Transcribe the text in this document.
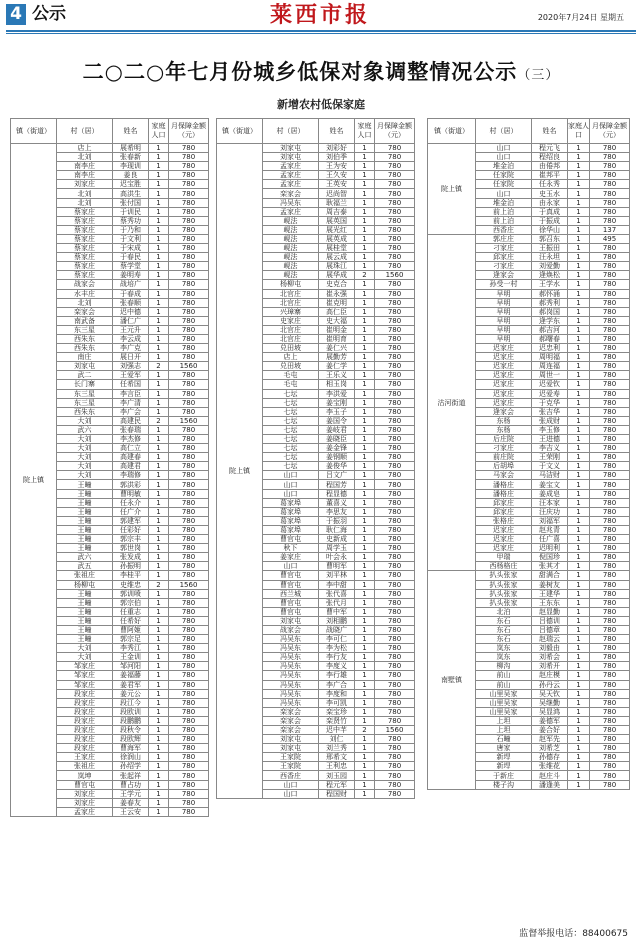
4 公示	莱西市报	2020年7月24日 星期五
二○二○年七月份城乡低保对象调整情况公示（三）
新增农村低保家庭
镇（街道）	村（居）	姓名	家庭人口	月保障金额（元）
院上镇	店上	展希明	1	780
	北刘	张春新	1	780
	南李庄	李现训	1	780
	南李庄	姜良	1	780
	刘家庄	迟宝胜	1	780
	北刘	高洪生	1	780
	北刘	张付国	1	780
	蔡家庄	于训民	1	780
	蔡家庄	蔡秀功	1	780
	蔡家庄	于乃和	1	780
	蔡家庄	于文利	1	780
	蔡家庄	于宋成	1	780
	蔡家庄	于春民	1	780
	蔡家庄	蔡学堂	1	780
	蔡家庄	姜明寿	1	780
	战家会	战培广	1	780
	水丰庄	于春成	1	780
	北刘	张春顺	1	780
	栾家会	迟中德	1	780
	南武备	潘仁广	1	780
	东三星	王元升	1	780
	西朱东	李云成	1	780
	西朱东	李广克	1	780
	南庄	展日开	1	780
	刘家屯	刘强志	2	1560
	武二	王爱军	1	780
	长门寨	任希国	1	780
	东三星	李言臣	1	780
	东三星	李广清	1	780
	西朱东	李广会	1	780
	大刘	高建民	2	1560
	武六	张春瑞	1	780
	大刘	李杰修	1	780
	大刘	高仁立	1	780
	大刘	高建春	1	780
	大刘	高建君	1	780
	大刘	李瑞修	1	780
	王疃	郭洪彩	1	780
	王疃	曹明敏	1	780
	王疃	任永介	1	780
	王疃	任广介	1	780
	王疃	郭建军	1	780
	王疃	任彩好	1	780
	王疃	郭宗丰	1	780
	王疃	郭世岗	1	780
	武六	张发成	1	780
	武五	孙振明	1	780
	张祖庄	李桂平	1	780
	杨柳屯	史维忠	2	1560
	王疃	郭训喷	1	780
	王疃	郭宗伯	1	780
	王疃	任重志	1	780
	王疃	任希好	1	780
	王疃	曹阿姬	1	780
	王疃	郭宗足	1	780
	大刘	李秀江	1	780
	大刘	王金训	1	780
	邹家庄	邹河阳	1	780
	邹家庄	姜福藤	1	780
	邹家庄	姜君军	1	780
	段家庄	姜元公	1	780
	段家庄	段江今	1	780
	段家庄	段欧训	1	780
	段家庄	段鹏鹏	1	780
	段家庄	段秋令	1	780
	段家庄	段欧辉	1	780
	段家庄	曹海军	1	780
	王家庄	徐润山	1	780
	张祖庄	孙绍学	1	780
	岚坤	张起祥	1	780
	曹官屯	曹占功	1	780
	刘家庄	王学元	1	780
	刘家庄	姜春友	1	780
	孟家庄	王云安	1	780
镇（街道）	村（居）	姓名	家庭人口	月保障金额（元）
院上镇	刘家屯	刘彩好	1	780
	刘家屯	刘伯季	1	780
	孟家庄	王为安	1	780
	孟家庄	王久安	1	780
	孟家庄	王英安	1	780
	栾家会	迟尚智	1	780
	冯吴东	耿福兰	1	780
	孟家庄	周吉泰	1	780
	岘法	展英国	1	780
	岘法	展光红	1	780
	岘法	展英成	1	780
	岘法	展桂堂	1	780
	岘法	展云成	1	780
	岘法	展珠江	1	780
	岘法	展华成	2	1560
	杨柳屯	史克合	1	780
	北官庄	崔永强	1	780
	北官庄	崔克明	1	780
	兴璋寨	高仁臣	1	780
	史家庄	史大福	1	780
	北官庄	崔明金	1	780
	北官庄	崔明育	1	780
	兑田坡	姜仁兴	1	780
	店上	展勤芳	1	780
	兑田坡	姜仁学	1	780
	毛屯	王乐义	1	780
	毛屯	相玉岗	1	780
	七坛	李洪爱	1	780
	七坛	姜宝刚	1	780
	七坛	李玉子	1	780
	七坛	姜国令	1	780
	七坛	姜岐君	1	780
	七坛	姜晓臣	1	780
	七坛	姜金锋	1	780
	七坛	姜钢顺	1	780
	七坛	姜俊华	1	780
	山口	吕文广	1	780
	山口	程国芳	1	780
	山口	程显德	1	780
	葛家埠	董喜义	1	780
	葛家埠	李思友	1	780
	葛家埠	于振羽	1	780
	葛家埠	耿仁海	1	780
	曹官屯	史新成	1	780
	秋下	周学玉	1	780
	姜家庄	叶会永	1	780
	山口	曹明军	1	780
	曹官屯	刘平林	1	780
	曹官屯	李中甜	1	780
	西兰城	张代喜	1	780
	曹官屯	张代月	1	780
	曹官屯	曹中军	1	780
	刘家屯	刘相鹏	1	780
	战家会	战晓广	1	780
	冯吴东	李可仁	1	780
	冯吴东	李为松	1	780
	冯吴东	李行友	1	780
	冯吴东	李度义	1	780
	冯吴东	李行雄	1	780
	冯吴东	李广合	1	780
	冯吴东	李度和	1	780
	冯吴东	李可凯	1	780
	栾家会	栾宝珍	1	780
	栾家会	栾贤竹	1	780
	栾家会	迟中芊	2	1560
	刘家屯	刘仁	1	780
	刘家屯	刘兰秀	1	780
	王家院	邢希文	1	780
	王家院	王利忠	1	780
	西香庄	刘玉园	1	780
	山口	程元军	1	780
	山口	程国财	1	780
镇（街道）	村（居）	姓名	家庭人口	月保障金额（元）
院上镇	山口	程元飞	1	780
	山口	程绍良	1	780
	堆金泊	由倦邦	1	780
	任家院	崔邦平	1	780
	任家院	任永秀	1	780
	山口	史玉水	1	780
	堆金泊	由永家	1	780
	前上泊	于真成	1	780
	前上泊	于振成	1	780
	西香庄	徐华山	1	137
沽河街道	郭庄庄	郭召东	1	495
	刁家庄	王振田	1	780
	邱家庄	汪永坦	1	780
	刁家庄	刘爱勤	1	780
	逄家会	逄焕松	1	780
	孙受一村	王学水	1	780
	早明	郝怀涌	1	780
	早明	郝秀利	1	780
	早明	郝岗国	1	780
	早明	逄学东	1	780
	早明	郝吉河	1	780
	早明	郝曙春	1	780
	迟家庄	迟忠利	1	780
	迟家庄	周明福	1	780
	迟家庄	周连福	1	780
	迟家庄	周世一	1	780
	迟家庄	迟爱钦	1	780
	迟家庄	迟爱寿	1	780
	迟家庄	于克华	1	780
	逄家会	张吉华	1	780
	东杨	张成财	1	780
	东杨	李玉修	1	780
	后庄院	王进德	1	780
	刁家庄	李吉义	1	780
	前庄院	王荣刚	1	780
	后胡埠	于文义	1	780
	马家会	马洁财	1	780
	潘格庄	姜宝文	1	780
	潘格庄	姜成皂	1	780
	邱家庄	汪本家	1	780
	邱家庄	汪庆功	1	780
	张格庄	刘福军	1	780
	迟家庄	赵兆青	1	780
	迟家庄	任广喜	1	780
	迟家庄	迟明利	1	780
	甲瑞	倪国珍	1	780
	西杨格庄	张其才	1	780
南墅镇	扒头张家	甜满合	1	780
	扒头张家	姜树友	1	780
	扒头张家	王建华	1	780
	扒头张家	王东东	1	780
	北泊	赵显勤	1	780
	东石	吕德训	1	780
	东石	吕德章	1	780
	东石	赵瑞云	1	780
	岚东	刘毅由	1	780
	岚东	刘希会	1	780
	柳沟	刘希开	1	780
	前山	赵庄模	1	780
	前山	孙丹云	1	780
	山里吴家	吴天钦	1	780
	山里吴家	吴继勤	1	780
	山里吴家	吴显鸿	1	780
	上坦	姜德军	1	780
	上坦	姜合好	1	780
	石疃	赵军先	1	780
	唐家	刘希芝	1	780
	新垾	孙德存	1	780
	新垾	张维花	1	780
	于新庄	赵庄斗	1	780
	楼子沟	潘逢美	1	780
监督举报电话：88400675
